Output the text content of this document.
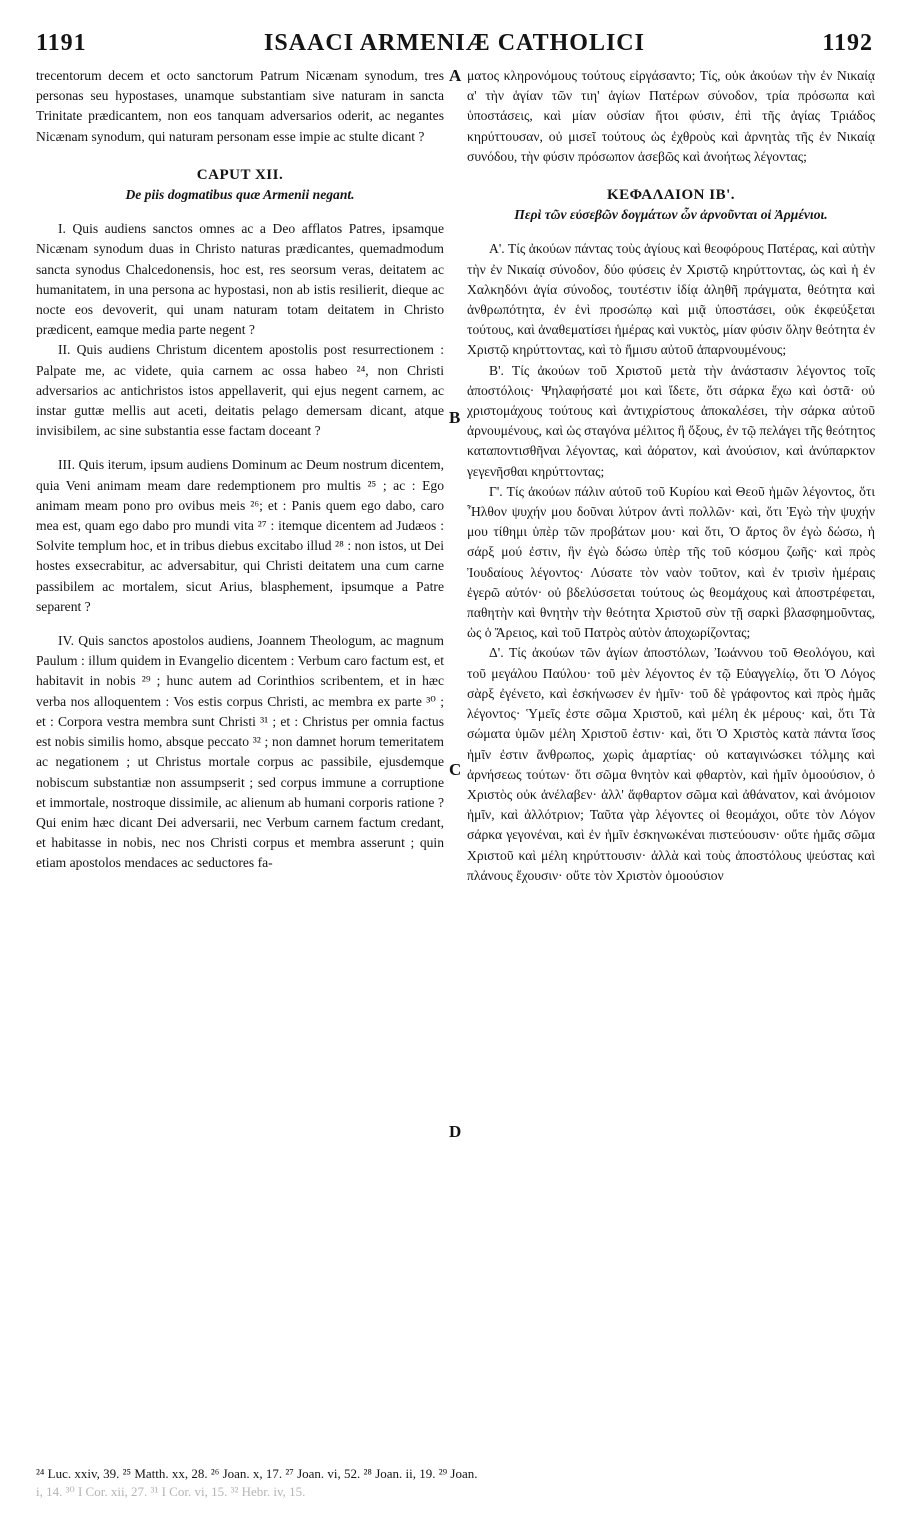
1191	ISAACI ARMENIÆ CATHOLICI	1192

trecentorum decem et octo sanctorum Patrum Nicænam synodum, tres personas seu hypostases, unamque substantiam sive naturam in sancta Trinitate prædicantem, non eos tanquam adversarios oderit, ac negantes Nicænam synodum, qui naturam personam esse impie ac stulte dicant ?

CAPUT XII.

De piis dogmatibus quæ Armenii negant.

I. Quis audiens sanctos omnes ac a Deo afflatos Patres, ipsamque Nicænam synodum duas in Christo naturas prædicantes, quemadmodum sancta synodus Chalcedonensis, hoc est, res seorsum veras, deitatem ac humanitatem, in una persona ac hypostasi, non ab istis resilierit, dieque ac nocte eos devoverit, qui unam naturam totam deitatem in Christo prædicent, eamque media parte negent ?

II. Quis audiens Christum dicentem apostolis post resurrectionem : Palpate me, ac videte, quia carnem ac ossa habeo ²⁴, non Christi adversarios ac antichristos istos appellaverit, qui ejus negent carnem, ac instar guttæ mellis aut aceti, deitatis pelago demersam dicant, atque invisibilem, ac sine substantia esse factam doceant ?

III. Quis iterum, ipsum audiens Dominum ac Deum nostrum dicentem, quia Veni animam meam dare redemptionem pro multis ²⁵ ; ac : Ego animam meam pono pro ovibus meis ²⁶; et : Panis quem ego dabo, caro mea est, quam ego dabo pro mundi vita ²⁷ : itemque dicentem ad Judæos : Solvite templum hoc, et in tribus diebus excitabo illud ²⁸ : non istos, ut Dei hostes exsecrabitur, ac adversabitur, qui Christi deitatem una cum carne passibilem ac mortalem, sicut Arius, blasphement, ipsumque a Patre separent ?

IV. Quis sanctos apostolos audiens, Joannem Theologum, ac magnum Paulum : illum quidem in Evangelio dicentem : Verbum caro factum est, et habitavit in nobis ²⁹ ; hunc autem ad Corinthios scribentem, et in hæc verba nos alloquentem : Vos estis corpus Christi, ac membra ex parte ³⁰ ; et : Corpora vestra membra sunt Christi ³¹ ; et : Christus per omnia factus est nobis similis homo, absque peccato ³² ; non damnet horum temeritatem ac negationem ; ut Christus mortale corpus ac passibile, ejusdemque nobiscum substantiæ non assumpserit ; sed corpus immune a corruptione et immortale, nostroque dissimile, ac alienum ab humani corporis ratione ? Qui enim hæc dicant Dei adversarii, nec Verbum carnem factum credant, et habitasse in nobis, nec nos Christi corpus et membra asserunt ; quin etiam apostolos mendaces ac seductores fa-

A
B
C
D

ματος κληρονόμους τούτους εἰργάσαντο; Τίς, οὐκ ἀκούων τὴν ἐν Νικαίᾳ α' τὴν ἁγίαν τῶν τιη' ἁγίων Πατέρων σύνοδον, τρία πρόσωπα καὶ ὑποστάσεις, καὶ μίαν οὐσίαν ἤτοι φύσιν, ἐπὶ τῆς ἁγίας Τριάδος κηρύττουσαν, οὐ μισεῖ τούτους ὡς ἐχθροὺς καὶ ἀρνητὰς τῆς ἐν Νικαίᾳ συνόδου, τὴν φύσιν πρόσωπον ἀσεβῶς καὶ ἀνοήτως λέγοντας;

ΚΕΦΑΛΑΙΟΝ ΙΒ'.

Περὶ τῶν εὐσεβῶν δογμάτων ὧν ἀρνοῦνται οἱ Ἀρμένιοι.

Α'. Τίς ἀκούων πάντας τοὺς ἁγίους καὶ θεοφόρους Πατέρας, καὶ αὐτὴν τὴν ἐν Νικαίᾳ σύνοδον, δύο φύσεις ἐν Χριστῷ κηρύττοντας, ὡς καὶ ἡ ἐν Χαλκηδόνι ἁγία σύνοδος, τουτέστιν ἰδίᾳ ἀληθῆ πράγματα, θεότητα καὶ ἀνθρωπότητα, ἐν ἑνὶ προσώπῳ καὶ μιᾷ ὑποστάσει, οὐκ ἐκφεύξεται τούτους, καὶ ἀναθεματίσει ἡμέρας καὶ νυκτὸς, μίαν φύσιν ὅλην θεότητα ἐν Χριστῷ κηρύττοντας, καὶ τὸ ἥμισυ αὐτοῦ ἀπαρνουμένους;

Β'. Τίς ἀκούων τοῦ Χριστοῦ μετὰ τὴν ἀνάστασιν λέγοντος τοῖς ἀποστόλοις· Ψηλαφήσατέ μοι καὶ ἴδετε, ὅτι σάρκα ἔχω καὶ ὀστᾶ· οὐ χριστομάχους τούτους καὶ ἀντιχρίστους ἀποκαλέσει, τὴν σάρκα αὐτοῦ ἀρνουμένους, καὶ ὡς σταγόνα μέλιτος ἢ ὄξους, ἐν τῷ πελάγει τῆς θεότητος καταποντισθῆναι λέγοντας, καὶ ἀόρατον, καὶ ἀνούσιον, καὶ ἀνύπαρκτον γεγενῆσθαι κηρύττοντας;

Γ'. Τίς ἀκούων πάλιν αὐτοῦ τοῦ Κυρίου καὶ Θεοῦ ἡμῶν λέγοντος, ὅτι Ἦλθον ψυχήν μου δοῦναι λύτρον ἀντὶ πολλῶν· καὶ, ὅτι Ἐγὼ τὴν ψυχήν μου τίθημι ὑπὲρ τῶν προβάτων μου· καὶ ὅτι, Ὁ ἄρτος ὃν ἐγὼ δώσω, ἡ σάρξ μού ἐστιν, ἣν ἐγὼ δώσω ὑπὲρ τῆς τοῦ κόσμου ζωῆς· καὶ πρὸς Ἰουδαίους λέγοντος· Λύσατε τὸν ναὸν τοῦτον, καὶ ἐν τρισὶν ἡμέραις ἐγερῶ αὐτόν· οὐ βδελύσσεται τούτους ὡς θεομάχους καὶ ἀποστρέφεται, παθητὴν καὶ θνητὴν τὴν θεότητα Χριστοῦ σὺν τῇ σαρκὶ βλασφημοῦντας, ὡς ὁ Ἄρειος, καὶ τοῦ Πατρὸς αὐτὸν ἀποχωρίζοντας;

Δ'. Τίς ἀκούων τῶν ἁγίων ἀποστόλων, Ἰωάννου τοῦ Θεολόγου, καὶ τοῦ μεγάλου Παύλου· τοῦ μὲν λέγοντος ἐν τῷ Εὐαγγελίῳ, ὅτι Ὁ Λόγος σὰρξ ἐγένετο, καὶ ἐσκήνωσεν ἐν ἡμῖν· τοῦ δὲ γράφοντος καὶ πρὸς ἡμᾶς λέγοντος· Ὑμεῖς ἐστε σῶμα Χριστοῦ, καὶ μέλη ἐκ μέρους· καὶ, ὅτι Τὰ σώματα ὑμῶν μέλη Χριστοῦ ἐστιν· καὶ, ὅτι Ὁ Χριστὸς κατὰ πάντα ἴσος ἡμῖν ἐστιν ἄνθρωπος, χωρὶς ἁμαρτίας· οὐ καταγινώσκει τόλμης καὶ ἀρνήσεως τούτων· ὅτι σῶμα θνητὸν καὶ φθαρτὸν, καὶ ἡμῖν ὁμοούσιον, ὁ Χριστὸς οὐκ ἀνέλαβεν· ἀλλ' ἄφθαρτον σῶμα καὶ ἀθάνατον, καὶ ἀνόμοιον ἡμῖν, καὶ ἀλλότριον; Ταῦτα γὰρ λέγοντες οἱ θεομάχοι, οὔτε τὸν Λόγον σάρκα γεγονέναι, καὶ ἐν ἡμῖν ἐσκηνωκέναι πιστεύουσιν· οὔτε ἡμᾶς σῶμα Χριστοῦ καὶ μέλη κηρύττουσιν· ἀλλὰ καὶ τοὺς ἀποστόλους ψεύστας καὶ πλάνους ἔχουσιν· οὔτε τὸν Χριστὸν ὁμοούσιον

²⁴ Luc. xxiv, 39. ²⁵ Matth. xx, 28. ²⁶ Joan. x, 17. ²⁷ Joan. vi, 52. ²⁸ Joan. ii, 19. ²⁹ Joan.

i, 14. ³⁰ I Cor. xii, 27. ³¹ I Cor. vi, 15. ³² Hebr. iv, 15.
